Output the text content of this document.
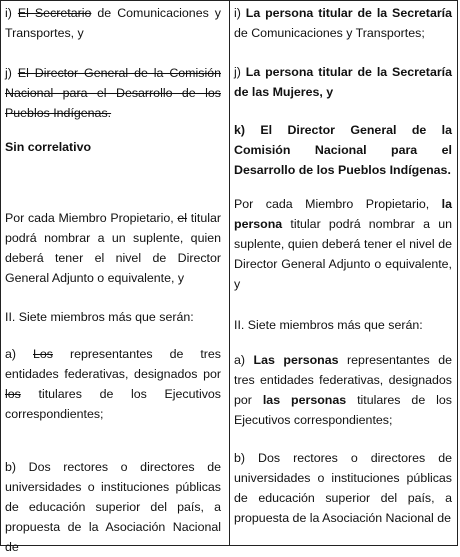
i) El Secretario de Comunicaciones y Transportes, y
j) El Director General de la Comisión Nacional para el Desarrollo de los Pueblos Indígenas.
Sin correlativo
Por cada Miembro Propietario, el titular podrá nombrar a un suplente, quien deberá tener el nivel de Director General Adjunto o equivalente, y
II. Siete miembros más que serán:
a) Los representantes de tres entidades federativas, designados por los titulares de los Ejecutivos correspondientes;
b) Dos rectores o directores de universidades o instituciones públicas de educación superior del país, a propuesta de la Asociación Nacional de
i) La persona titular de la Secretaría de Comunicaciones y Transportes;
j) La persona titular de la Secretaría de las Mujeres, y
k) El Director General de la Comisión Nacional para el Desarrollo de los Pueblos Indígenas.
Por cada Miembro Propietario, la persona titular podrá nombrar a un suplente, quien deberá tener el nivel de Director General Adjunto o equivalente, y
II. Siete miembros más que serán:
a) Las personas representantes de tres entidades federativas, designados por las personas titulares de los Ejecutivos correspondientes;
b) Dos rectores o directores de universidades o instituciones públicas de educación superior del país, a propuesta de la Asociación Nacional de
